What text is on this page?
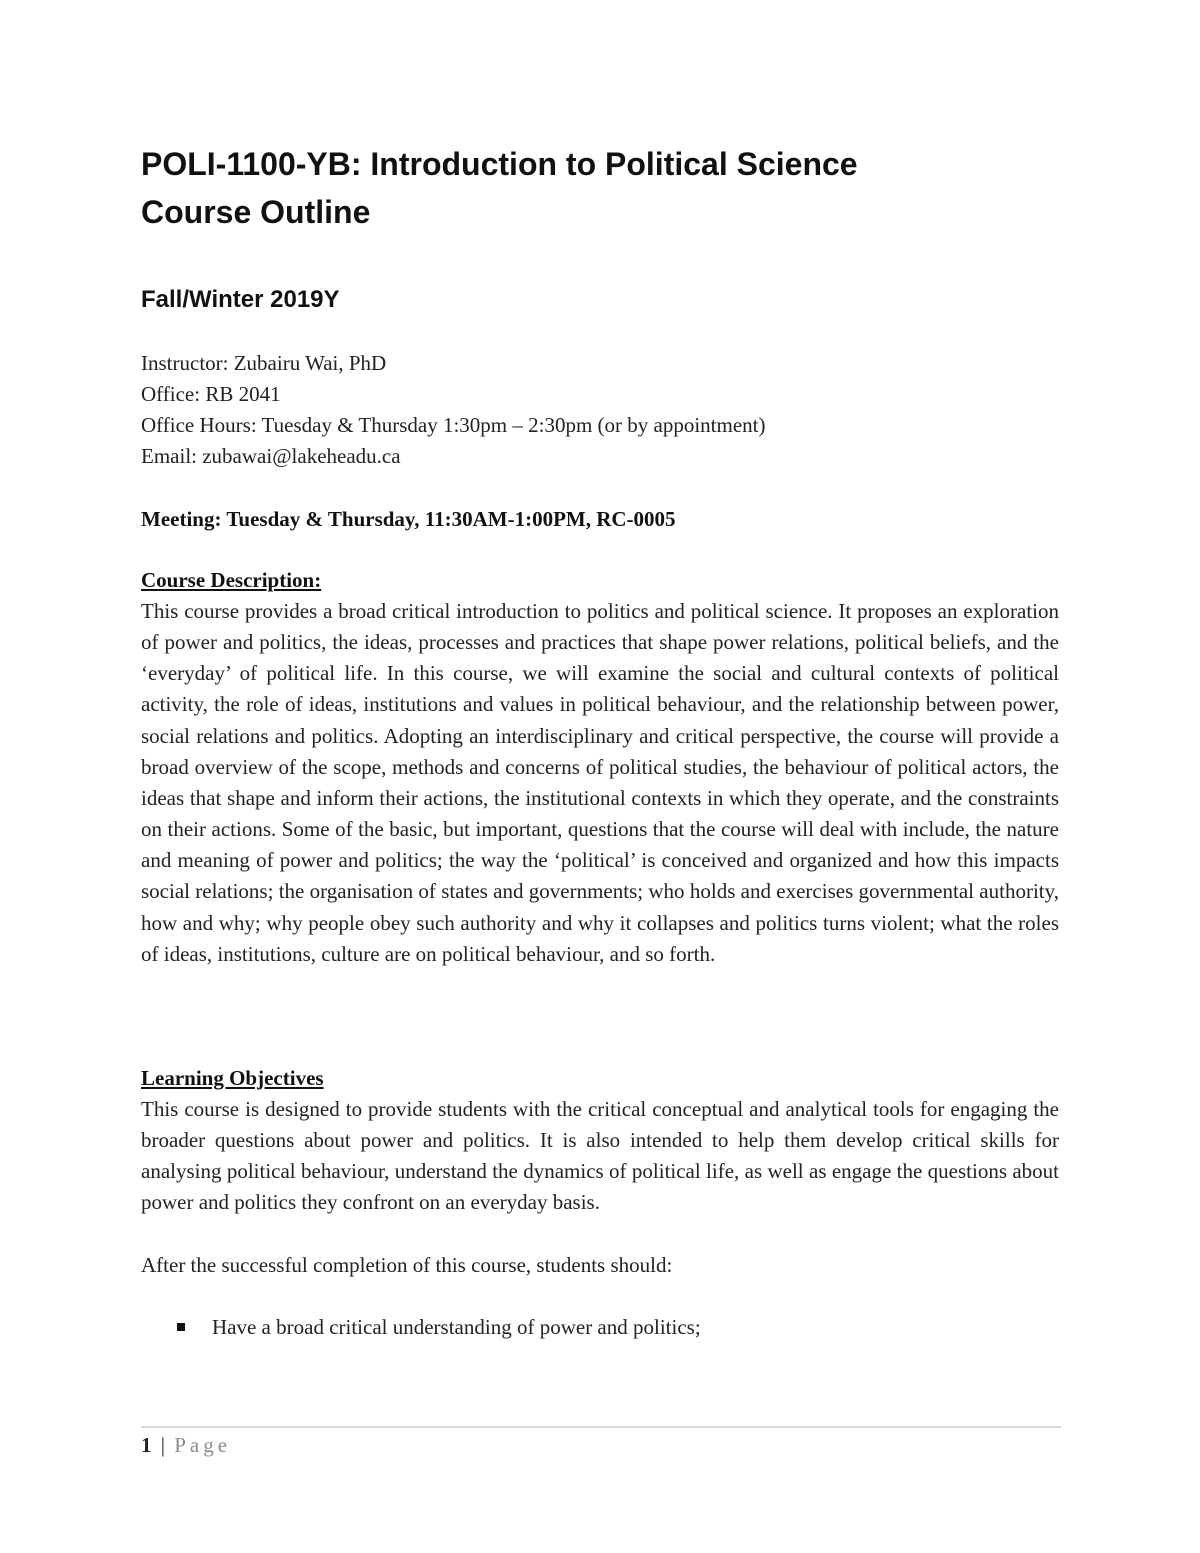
POLI-1100-YB: Introduction to Political Science
Course Outline
Fall/Winter 2019Y
Instructor: Zubairu Wai, PhD
Office: RB 2041
Office Hours: Tuesday & Thursday 1:30pm – 2:30pm (or by appointment)
Email: zubawai@lakeheadu.ca
Meeting: Tuesday & Thursday, 11:30AM-1:00PM, RC-0005
Course Description:

This course provides a broad critical introduction to politics and political science. It proposes an exploration of power and politics, the ideas, processes and practices that shape power relations, political beliefs, and the ‘everyday’ of political life. In this course, we will examine the social and cultural contexts of political activity, the role of ideas, institutions and values in political behaviour, and the relationship between power, social relations and politics. Adopting an interdisciplinary and critical perspective, the course will provide a broad overview of the scope, methods and concerns of political studies, the behaviour of political actors, the ideas that shape and inform their actions, the institutional contexts in which they operate, and the constraints on their actions. Some of the basic, but important, questions that the course will deal with include, the nature and meaning of power and politics; the way the ‘political’ is conceived and organized and how this impacts social relations; the organisation of states and governments; who holds and exercises governmental authority, how and why; why people obey such authority and why it collapses and politics turns violent; what the roles of ideas, institutions, culture are on political behaviour, and so forth.

Learning Objectives

This course is designed to provide students with the critical conceptual and analytical tools for engaging the broader questions about power and politics. It is also intended to help them develop critical skills for analysing political behaviour, understand the dynamics of political life, as well as engage the questions about power and politics they confront on an everyday basis.

After the successful completion of this course, students should:
Have a broad critical understanding of power and politics;
1 | Page
